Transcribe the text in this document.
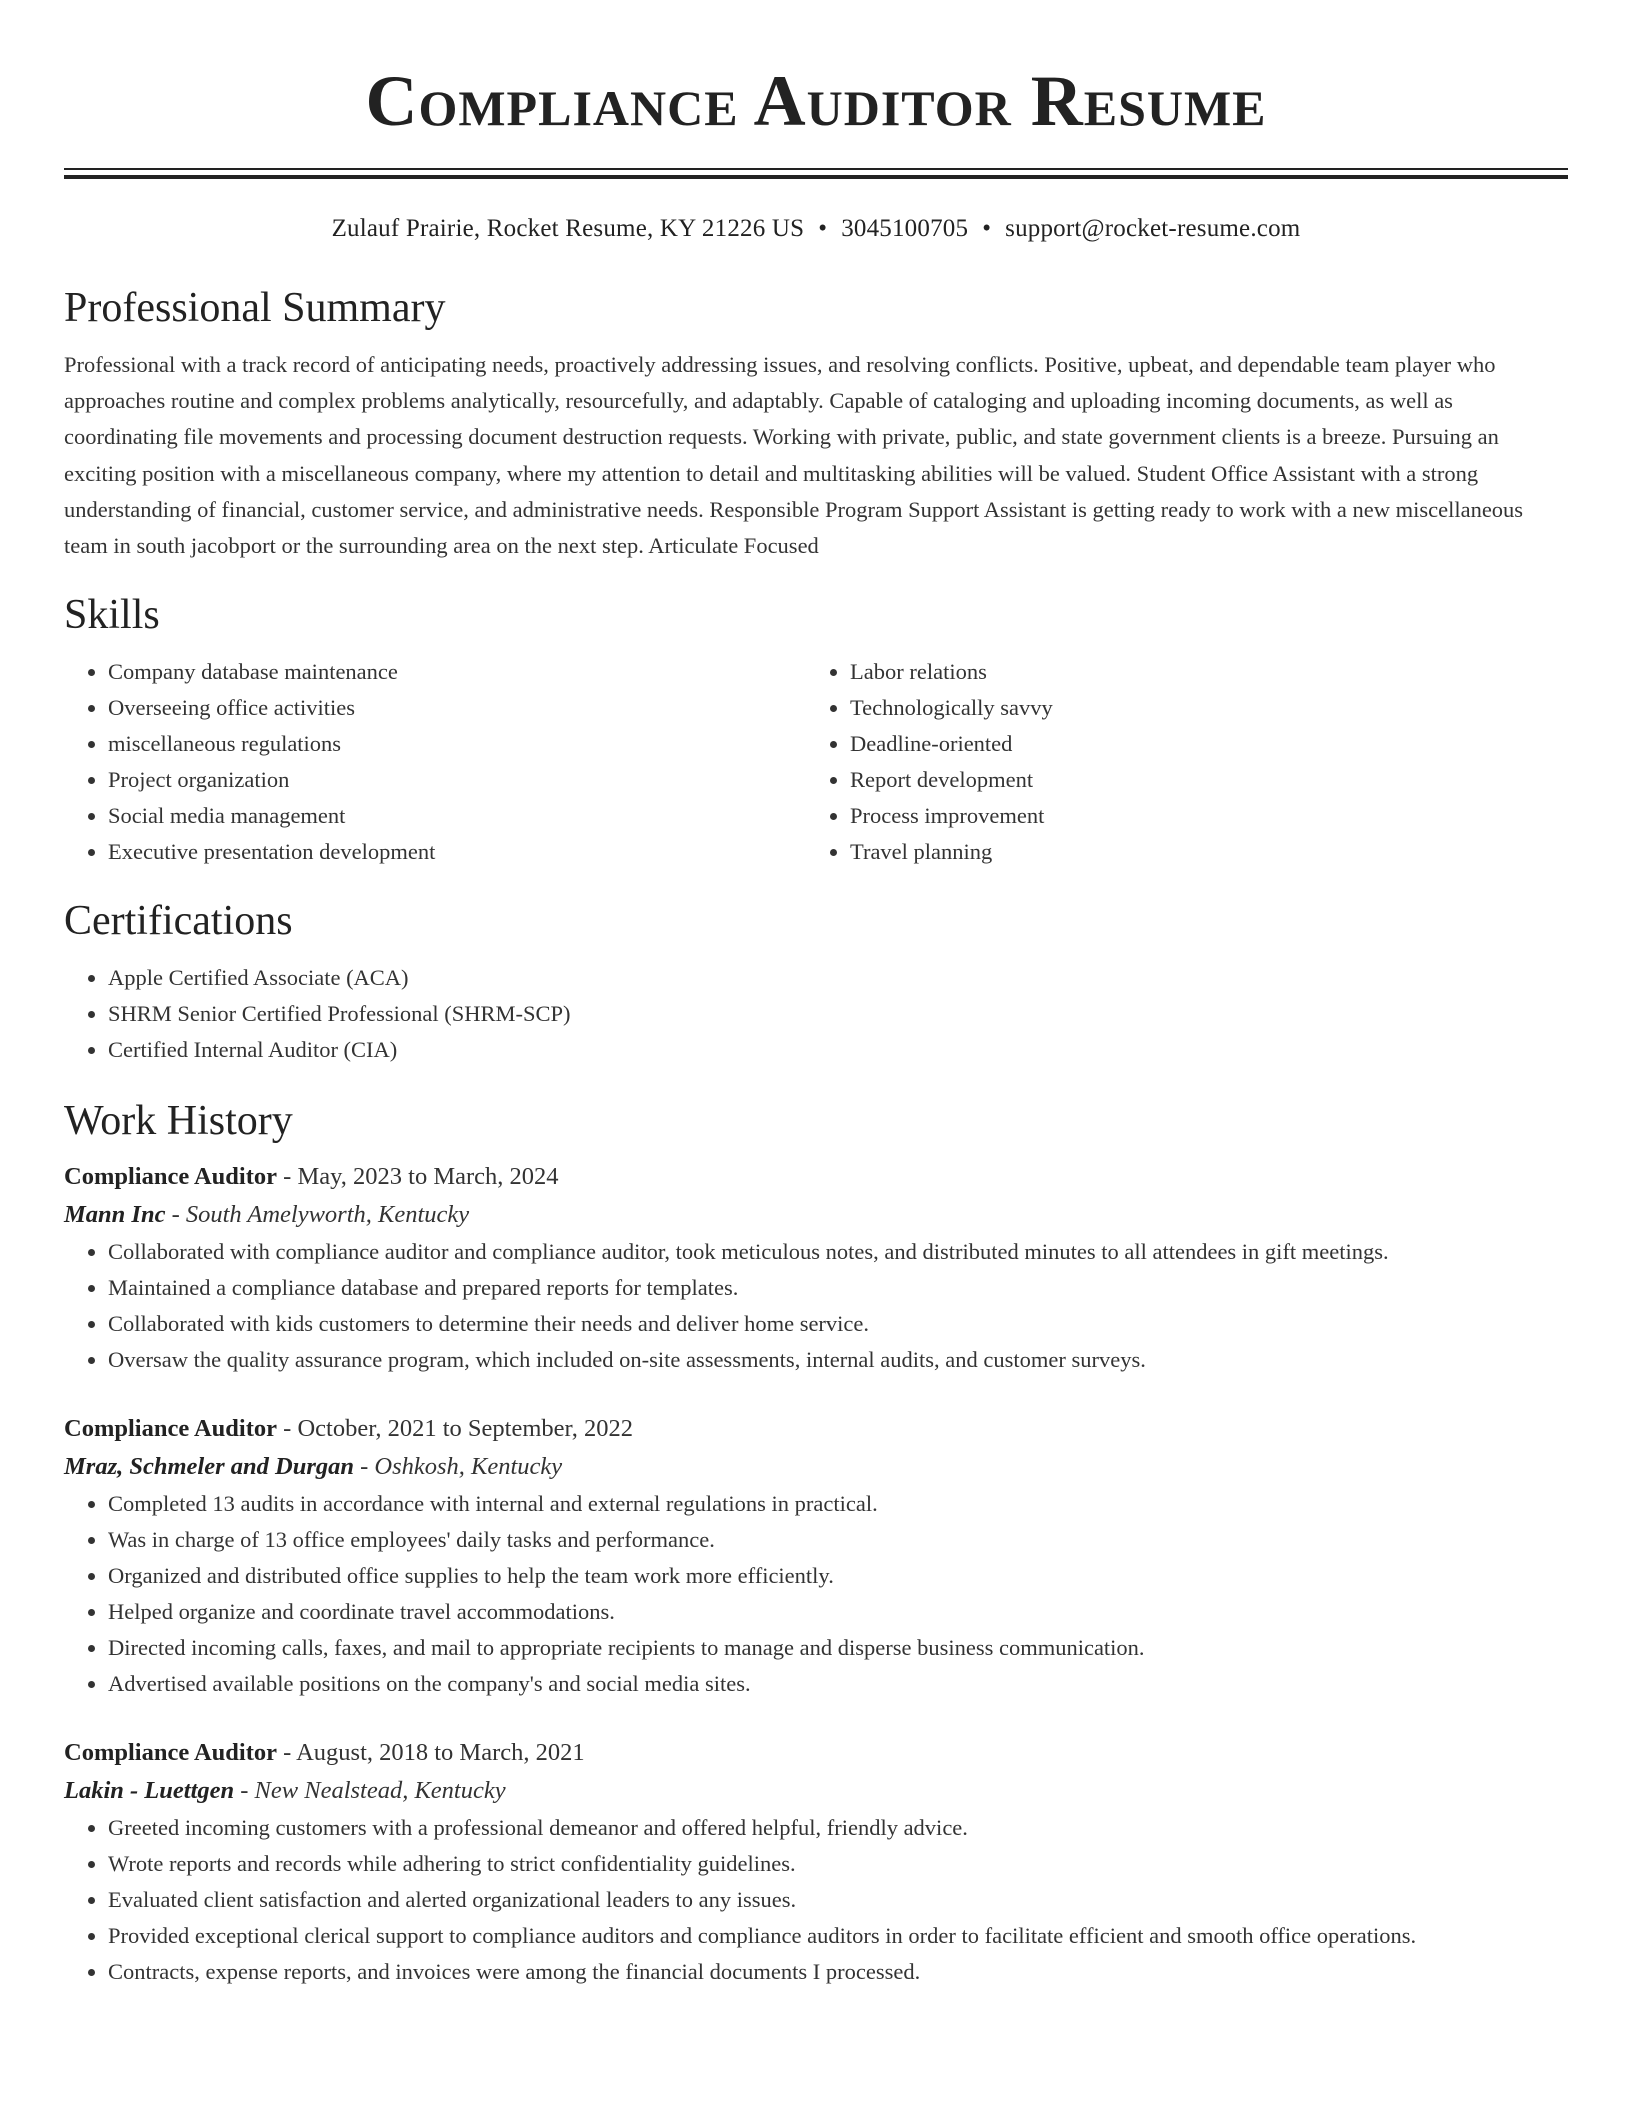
Compliance Auditor Resume
Zulauf Prairie, Rocket Resume, KY 21226 US • 3045100705 • support@rocket-resume.com
Professional Summary

Professional with a track record of anticipating needs, proactively addressing issues, and resolving conflicts. Positive, upbeat, and dependable team player who approaches routine and complex problems analytically, resourcefully, and adaptably. Capable of cataloging and uploading incoming documents, as well as coordinating file movements and processing document destruction requests. Working with private, public, and state government clients is a breeze. Pursuing an exciting position with a miscellaneous company, where my attention to detail and multitasking abilities will be valued. Student Office Assistant with a strong understanding of financial, customer service, and administrative needs. Responsible Program Support Assistant is getting ready to work with a new miscellaneous team in south jacobport or the surrounding area on the next step. Articulate Focused

Skills
• Company database maintenance
• Overseeing office activities
• miscellaneous regulations
• Project organization
• Social media management
• Executive presentation development
• Labor relations
• Technologically savvy
• Deadline-oriented
• Report development
• Process improvement
• Travel planning
Certifications
• Apple Certified Associate (ACA)
• SHRM Senior Certified Professional (SHRM-SCP)
• Certified Internal Auditor (CIA)
Work History
Compliance Auditor - May, 2023 to March, 2024
Mann Inc - South Amelyworth, Kentucky
• Collaborated with compliance auditor and compliance auditor, took meticulous notes, and distributed minutes to all attendees in gift meetings.
• Maintained a compliance database and prepared reports for templates.
• Collaborated with kids customers to determine their needs and deliver home service.
• Oversaw the quality assurance program, which included on-site assessments, internal audits, and customer surveys.
Compliance Auditor - October, 2021 to September, 2022
Mraz, Schmeler and Durgan - Oshkosh, Kentucky
• Completed 13 audits in accordance with internal and external regulations in practical.
• Was in charge of 13 office employees' daily tasks and performance.
• Organized and distributed office supplies to help the team work more efficiently.
• Helped organize and coordinate travel accommodations.
• Directed incoming calls, faxes, and mail to appropriate recipients to manage and disperse business communication.
• Advertised available positions on the company's and social media sites.
Compliance Auditor - August, 2018 to March, 2021
Lakin - Luettgen - New Nealstead, Kentucky
• Greeted incoming customers with a professional demeanor and offered helpful, friendly advice.
• Wrote reports and records while adhering to strict confidentiality guidelines.
• Evaluated client satisfaction and alerted organizational leaders to any issues.
• Provided exceptional clerical support to compliance auditors and compliance auditors in order to facilitate efficient and smooth office operations.
• Contracts, expense reports, and invoices were among the financial documents I processed.
